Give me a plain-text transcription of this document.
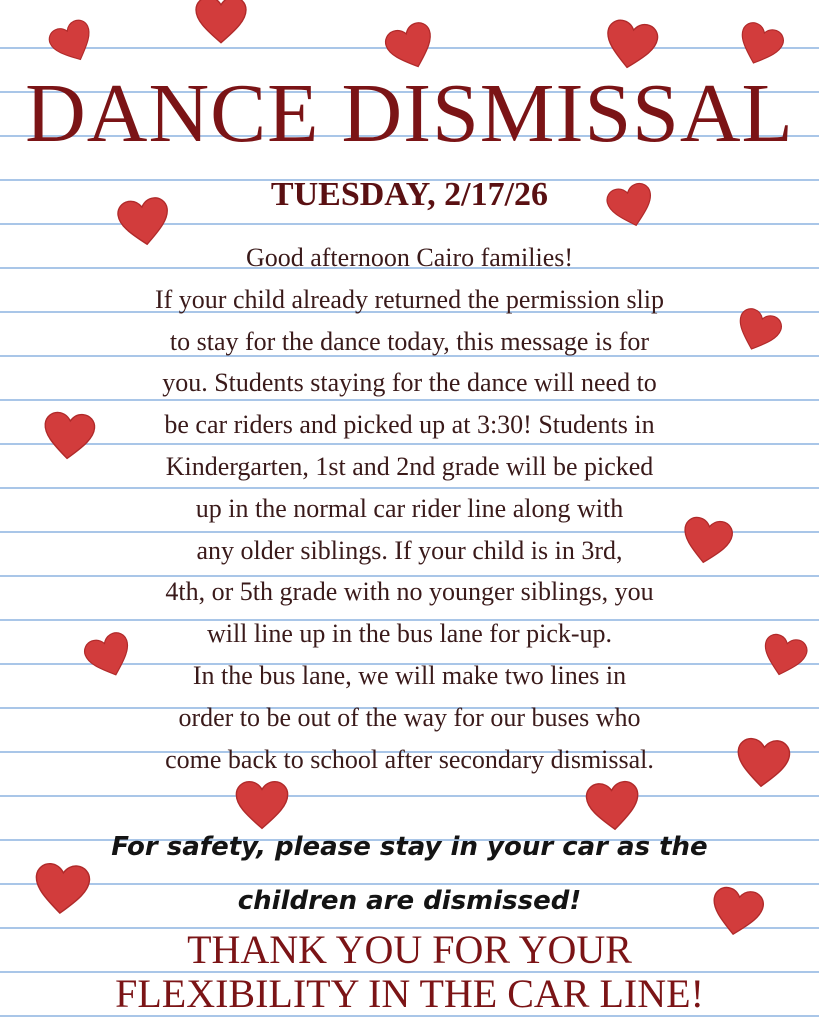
DANCE DISMISSAL
TUESDAY, 2/17/26
Good afternoon Cairo families!
If your child already returned the permission slip
to stay for the dance today, this message is for
you. Students staying for the dance will need to
be car riders and picked up at 3:30! Students in
Kindergarten, 1st and 2nd grade will be picked
up in the normal car rider line along with
any older siblings. If your child is in 3rd,
4th, or 5th grade with no younger siblings, you
will line up in the bus lane for pick-up.
In the bus lane, we will make two lines in
order to be out of the way for our buses who
come back to school after secondary dismissal.
For safety, please stay in your car as the
children are dismissed!
THANK YOU FOR YOUR
FLEXIBILITY IN THE CAR LINE!
